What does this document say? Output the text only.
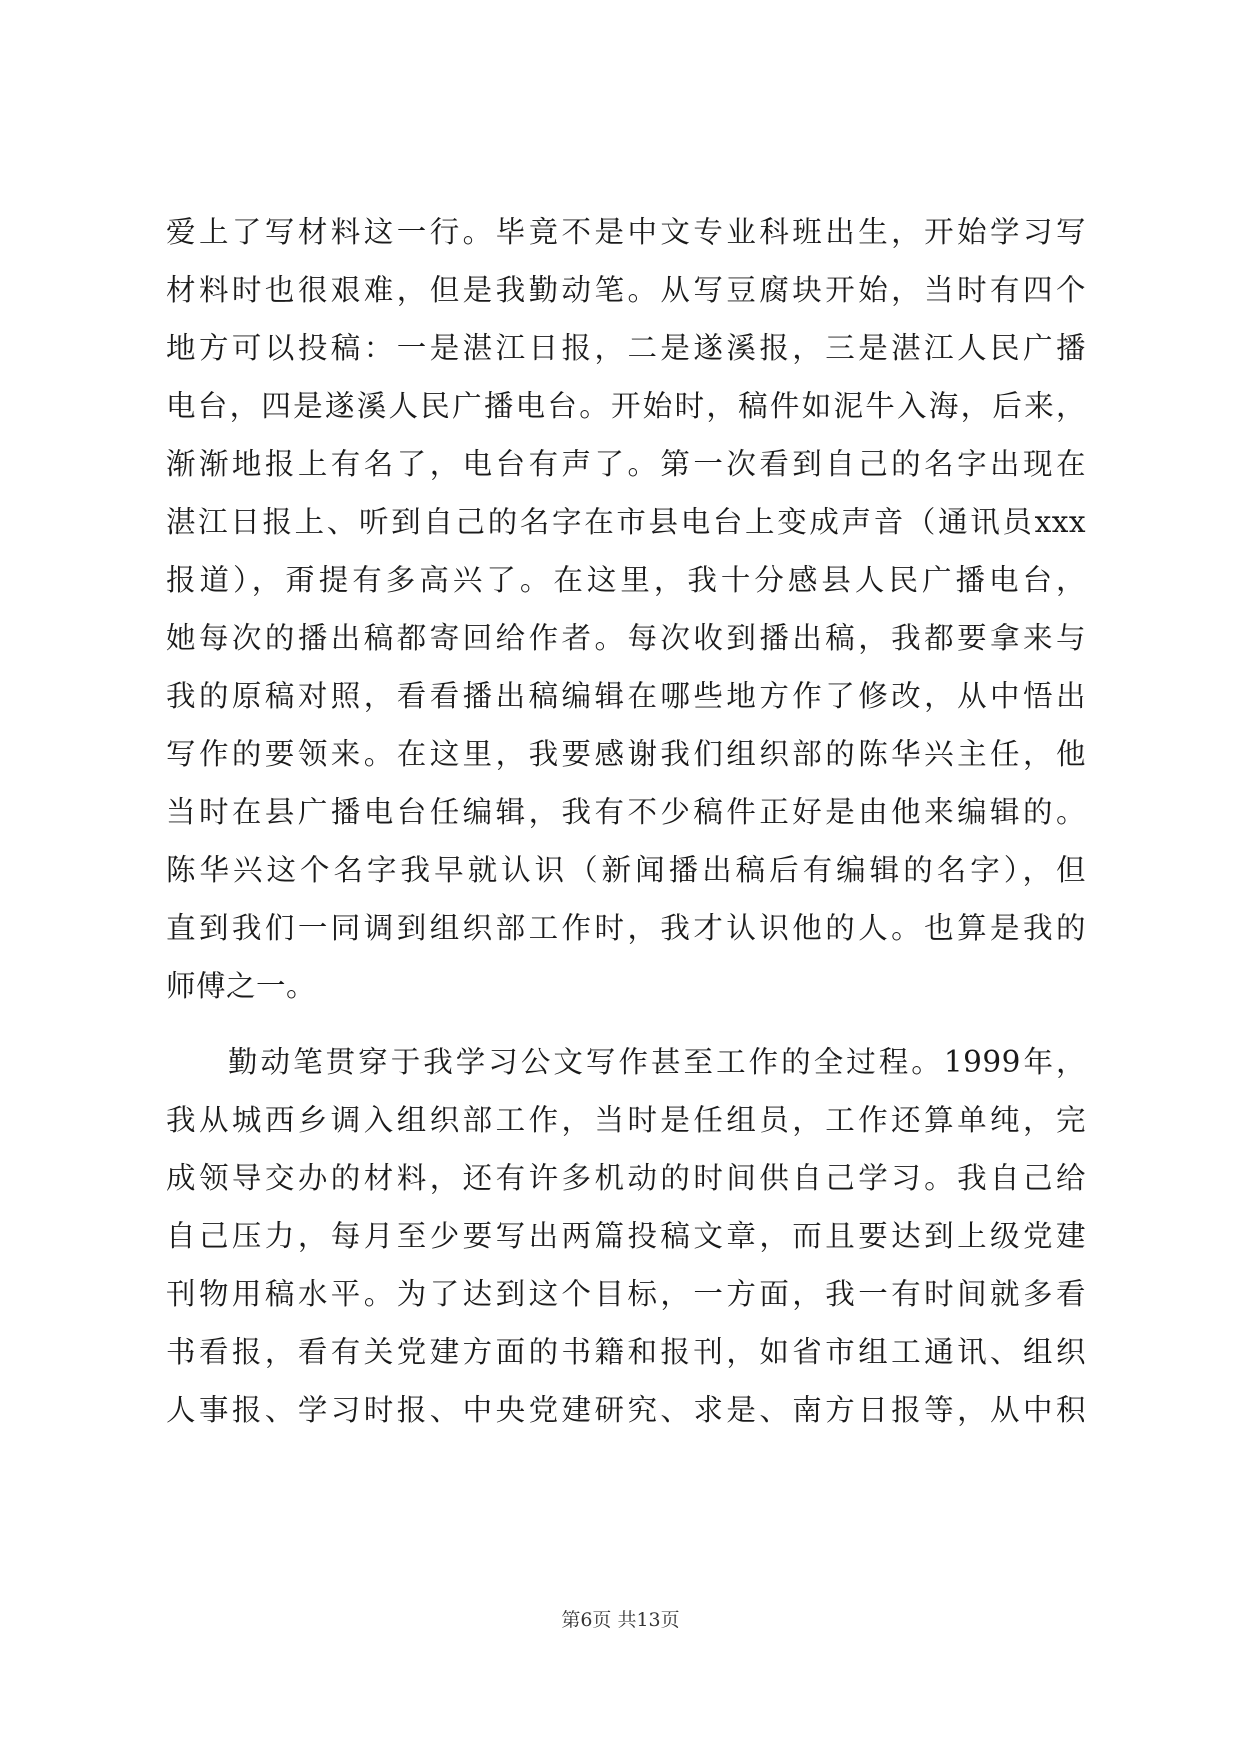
爱上了写材料这一行。毕竟不是中文专业科班出生，开始学习写
材料时也很艰难，但是我勤动笔。从写豆腐块开始，当时有四个
地方可以投稿：一是湛江日报，二是遂溪报，三是湛江人民广播
电台，四是遂溪人民广播电台。开始时，稿件如泥牛入海，后来，
渐渐地报上有名了，电台有声了。第一次看到自己的名字出现在
湛江日报上、听到自己的名字在市县电台上变成声音（通讯员xxx
报道），甭提有多高兴了。在这里，我十分感县人民广播电台，
她每次的播出稿都寄回给作者。每次收到播出稿，我都要拿来与
我的原稿对照，看看播出稿编辑在哪些地方作了修改，从中悟出
写作的要领来。在这里，我要感谢我们组织部的陈华兴主任，他
当时在县广播电台任编辑，我有不少稿件正好是由他来编辑的。
陈华兴这个名字我早就认识（新闻播出稿后有编辑的名字），但
直到我们一同调到组织部工作时，我才认识他的人。也算是我的
师傅之一。
勤动笔贯穿于我学习公文写作甚至工作的全过程。1999年，
我从城西乡调入组织部工作，当时是任组员，工作还算单纯，完
成领导交办的材料，还有许多机动的时间供自己学习。我自己给
自己压力，每月至少要写出两篇投稿文章，而且要达到上级党建
刊物用稿水平。为了达到这个目标，一方面，我一有时间就多看
书看报，看有关党建方面的书籍和报刊，如省市组工通讯、组织
人事报、学习时报、中央党建研究、求是、南方日报等，从中积
第6页 共13页
